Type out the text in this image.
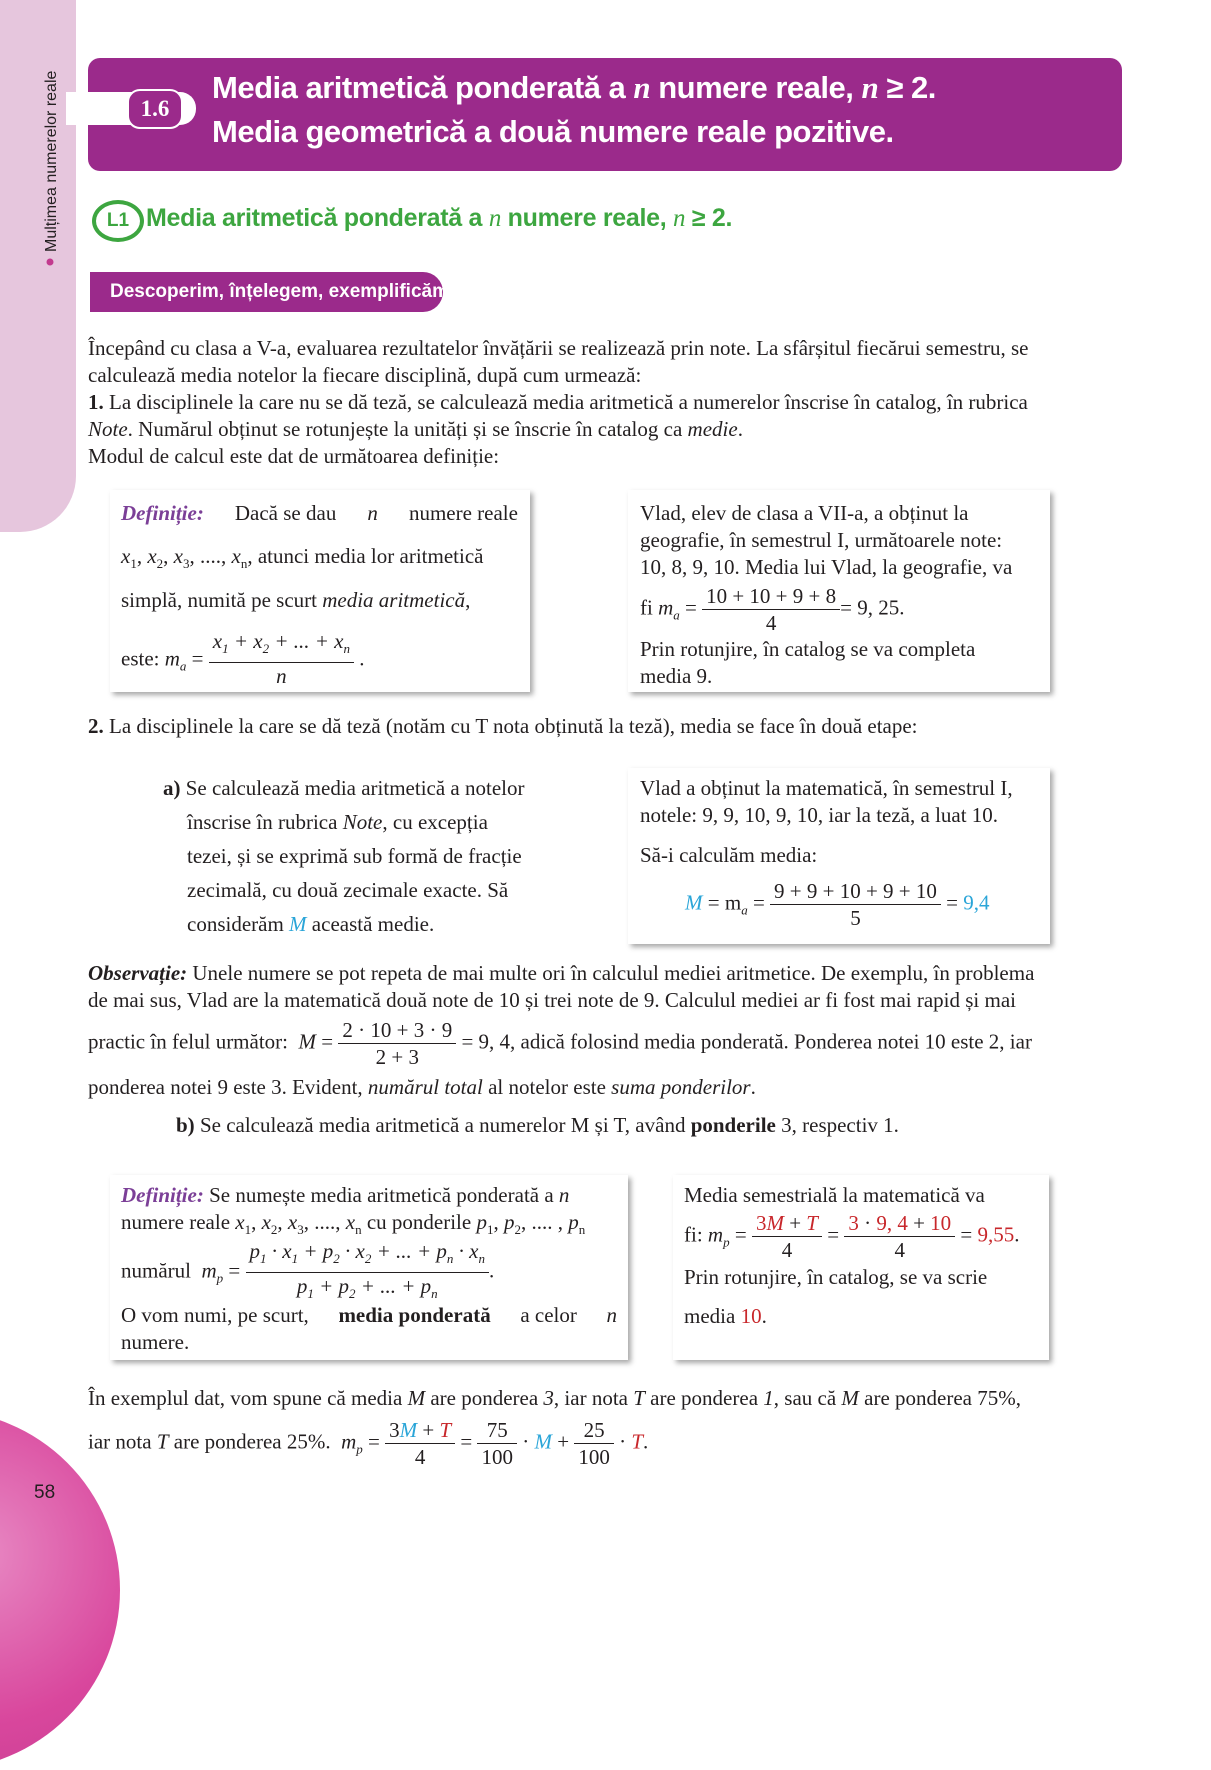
Mulțimea numerelor reale
58
1.6
Media aritmetică ponderată a n numere reale, n ≥ 2.
Media geometrică a două numere reale pozitive.
L1 Media aritmetică ponderată a n numere reale, n ≥ 2.
Descoperim, înțelegem, exemplificăm
Începând cu clasa a V-a, evaluarea rezultatelor învățării se realizează prin note. La sfârșitul fiecărui semestru, se
calculează media notelor la fiecare disciplină, după cum urmează:
1. La disciplinele la care nu se dă teză, se calculează media aritmetică a numerelor înscrise în catalog, în rubrica
Note. Numărul obținut se rotunjește la unități și se înscrie în catalog ca medie.
Modul de calcul este dat de următoarea definiție:
Definiție: Dacă se dau n numere reale
$x_1$, $x_2$, $x_3$, ...., $x_n$, atunci media lor aritmetică
simplă, numită pe scurt media aritmetică,
este: $m_a = \frac{x_1 + x_2 + ... + x_n}{n}$ .
Vlad, elev de clasa a VII-a, a obținut la
geografie, în semestrul I, următoarele note:
10, 8, 9, 10. Media lui Vlad, la geografie, va
fi $m_a = \frac{10 + 10 + 9 + 8}{4} = 9$, 25.
Prin rotunjire, în catalog se va completa
media 9.
2. La disciplinele la care se dă teză (notăm cu T nota obținută la teză), media se face în două etape:
a) Se calculează media aritmetică a notelor
înscrise în rubrica Note, cu excepția
tezei, și se exprimă sub formă de fracție
zecimală, cu două zecimale exacte. Să
considerăm M această medie.
Vlad a obținut la matematică, în semestrul I,
notele: 9, 9, 10, 9, 10, iar la teză, a luat 10.
Să-i calculăm media:
$M = m_a = \frac{9 + 9 + 10 + 9 + 10}{5} = 9,4$
Observație: Unele numere se pot repeta de mai multe ori în calculul mediei aritmetice. De exemplu, în problema
de mai sus, Vlad are la matematică două note de 10 și trei note de 9. Calculul mediei ar fi fost mai rapid și mai
practic în felul următor: $M = \frac{2 \cdot 10 + 3 \cdot 9}{2 + 3} = 9$, 4, adică folosind media ponderată. Ponderea notei 10 este 2, iar
ponderea notei 9 este 3. Evident, numărul total al notelor este suma ponderilor.
b) Se calculează media aritmetică a numerelor M și T, având ponderile 3, respectiv 1.
Definiție: Se numește media aritmetică ponderată a n
numere reale $x_1$, $x_2$, $x_3$, ...., $x_n$ cu ponderile $p_1$, $p_2$, .... , $p_n$
numărul  $m_p = \frac{p_1 \cdot x_1 + p_2 \cdot x_2 + ... + p_n \cdot x_n}{p_1 + p_2 + ... + p_n}$ .
O vom numi, pe scurt, media ponderată a celor n
numere.
Media semestrială la matematică va
fi: $m_p = \frac{3M + T}{4} = \frac{3 \cdot 9, 4 + 10}{4} = 9,55$.
Prin rotunjire, în catalog, se va scrie
media 10.
În exemplul dat, vom spune că media M are ponderea 3, iar nota T are ponderea 1, sau că M are ponderea 75%,
iar nota T are ponderea 25%. $m_p = \frac{3M + T}{4} = \frac{75}{100} \cdot M + \frac{25}{100} \cdot T$.
